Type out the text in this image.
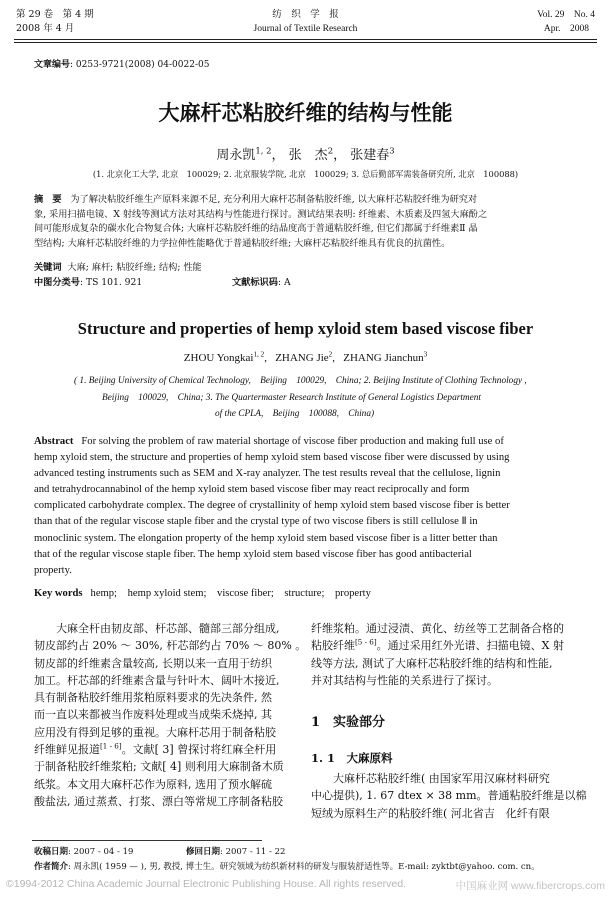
第 29 卷　第 4 期
2008 年 4 月
纺　织　学　报
Journal of Textile Research
Vol. 29　No. 4
Apr.　2008
文章编号: 0253-9721(2008) 04-0022-05
大麻杆芯粘胶纤维的结构与性能
周永凯$^{1, 2}$， 张　杰$^2$， 张建春$^3$
(1. 北京化工大学, 北京　100029; 2. 北京服装学院, 北京　100029; 3. 总后勤部军需装备研究所, 北京　100088)
摘　要 为了解决粘胶纤维生产原料来源不足, 充分利用大麻杆芯制备粘胶纤维, 以大麻杆芯粘胶纤维为研究对
象, 采用扫描电镜、X 射线等测试方法对其结构与性能进行探讨。测试结果表明: 纤维素、木质素及四氢大麻酚之
间可能形成复杂的碳水化合物复合体; 大麻杆芯粘胶纤维的结晶度高于普通粘胶纤维, 但它们都属于纤维素Ⅱ 晶
型结构; 大麻杆芯粘胶纤维的力学拉伸性能略优于普通粘胶纤维; 大麻杆芯粘胶纤维具有优良的抗菌性。
关键词 大麻; 麻杆; 粘胶纤维; 结构; 性能
中图分类号: TS 101. 921	文献标识码: A
Structure and properties of hemp xyloid stem based viscose fiber
ZHOU Yongkai$^{1, 2}$, ZHANG Jie$^2$, ZHANG Jianchun$^3$
( 1. Beijing University of Chemical Technology,　Beijing　100029,　China; 2. Beijing Institute of Clothing Technology ,
Beijing　100029,　China; 3. The Quartermaster Research Institute of General Logistics Department
of the CPLA,　Beijing　100088,　China)
Abstract For solving the problem of raw material shortage of viscose fiber production and making full use of
hemp xyloid stem, the structure and properties of hemp xyloid stem based viscose fiber were discussed by using
advanced testing instruments such as SEM and X-ray analyzer. The test results reveal that the cellulose, lignin
and tetrahydrocannabinol of the hemp xyloid stem based viscose fiber may react reciprocally and form
complicated carbohydrate complex. The degree of crystallinity of hemp xyloid stem based viscose fiber is better
than that of the regular viscose staple fiber and the crystal type of two viscose fibers is still cellulose Ⅱ in
monoclinic system. The elongation property of the hemp xyloid stem based viscose fiber is a litter better than
that of the regular viscose staple fiber. The hemp xyloid stem based viscose fiber has good antibacterial
property.
Key words hemp;　hemp xyloid stem;　viscose fiber;　structure;　property
　　大麻全杆由韧皮部、杆芯部、髓部三部分组成,
韧皮部约占 20% ～ 30%, 杆芯部约占 70% ～ 80% 。
韧皮部的纤维素含量较高, 长期以来一直用于纺织
加工。杆芯部的纤维素含量与针叶木、阔叶木接近,
具有制备粘胶纤维用浆粕原料要求的先决条件, 然
而一直以来都被当作废料处理或当成柴禾烧掉, 其
应用没有得到足够的重视。大麻杆芯用于制备粘胶
纤维鲜见报道[1 - 6]。文献[ 3] 曾探讨将红麻全杆用
于制备粘胶纤维浆粕; 文献[ 4] 则利用大麻制备木质
纸浆。本文用大麻杆芯作为原料, 选用了预水解硫
酸盐法, 通过蒸煮、打浆、漂白等常规工序制备粘胶
纤维浆粕。通过浸渍、黄化、纺丝等工艺制备合格的
粘胶纤维[5 - 6]。通过采用红外光谱、扫描电镜、X 射
线等方法, 测试了大麻杆芯粘胶纤维的结构和性能,
并对其结构与性能的关系进行了探讨。
1　实验部分
1. 1　大麻原料
　　大麻杆芯粘胶纤维( 由国家军用汉麻材料研究
中心提供), 1. 67 dtex × 38 mm。普通粘胶纤维是以棉
短绒为原料生产的粘胶纤维( 河北省吉　化纤有限
收稿日期: 2007 - 04 - 19	修回日期: 2007 - 11 - 22
作者简介: 周永凯( 1959 — ), 男, 教授, 博士生。研究领域为纺织新材料的研发与服装舒适性等。E-mail: zyktbt@yahoo. com. cn。
©1994-2012 China Academic Journal Electronic Publishing House. All rights reserved.	中国麻业网 www.fibercrops.com
